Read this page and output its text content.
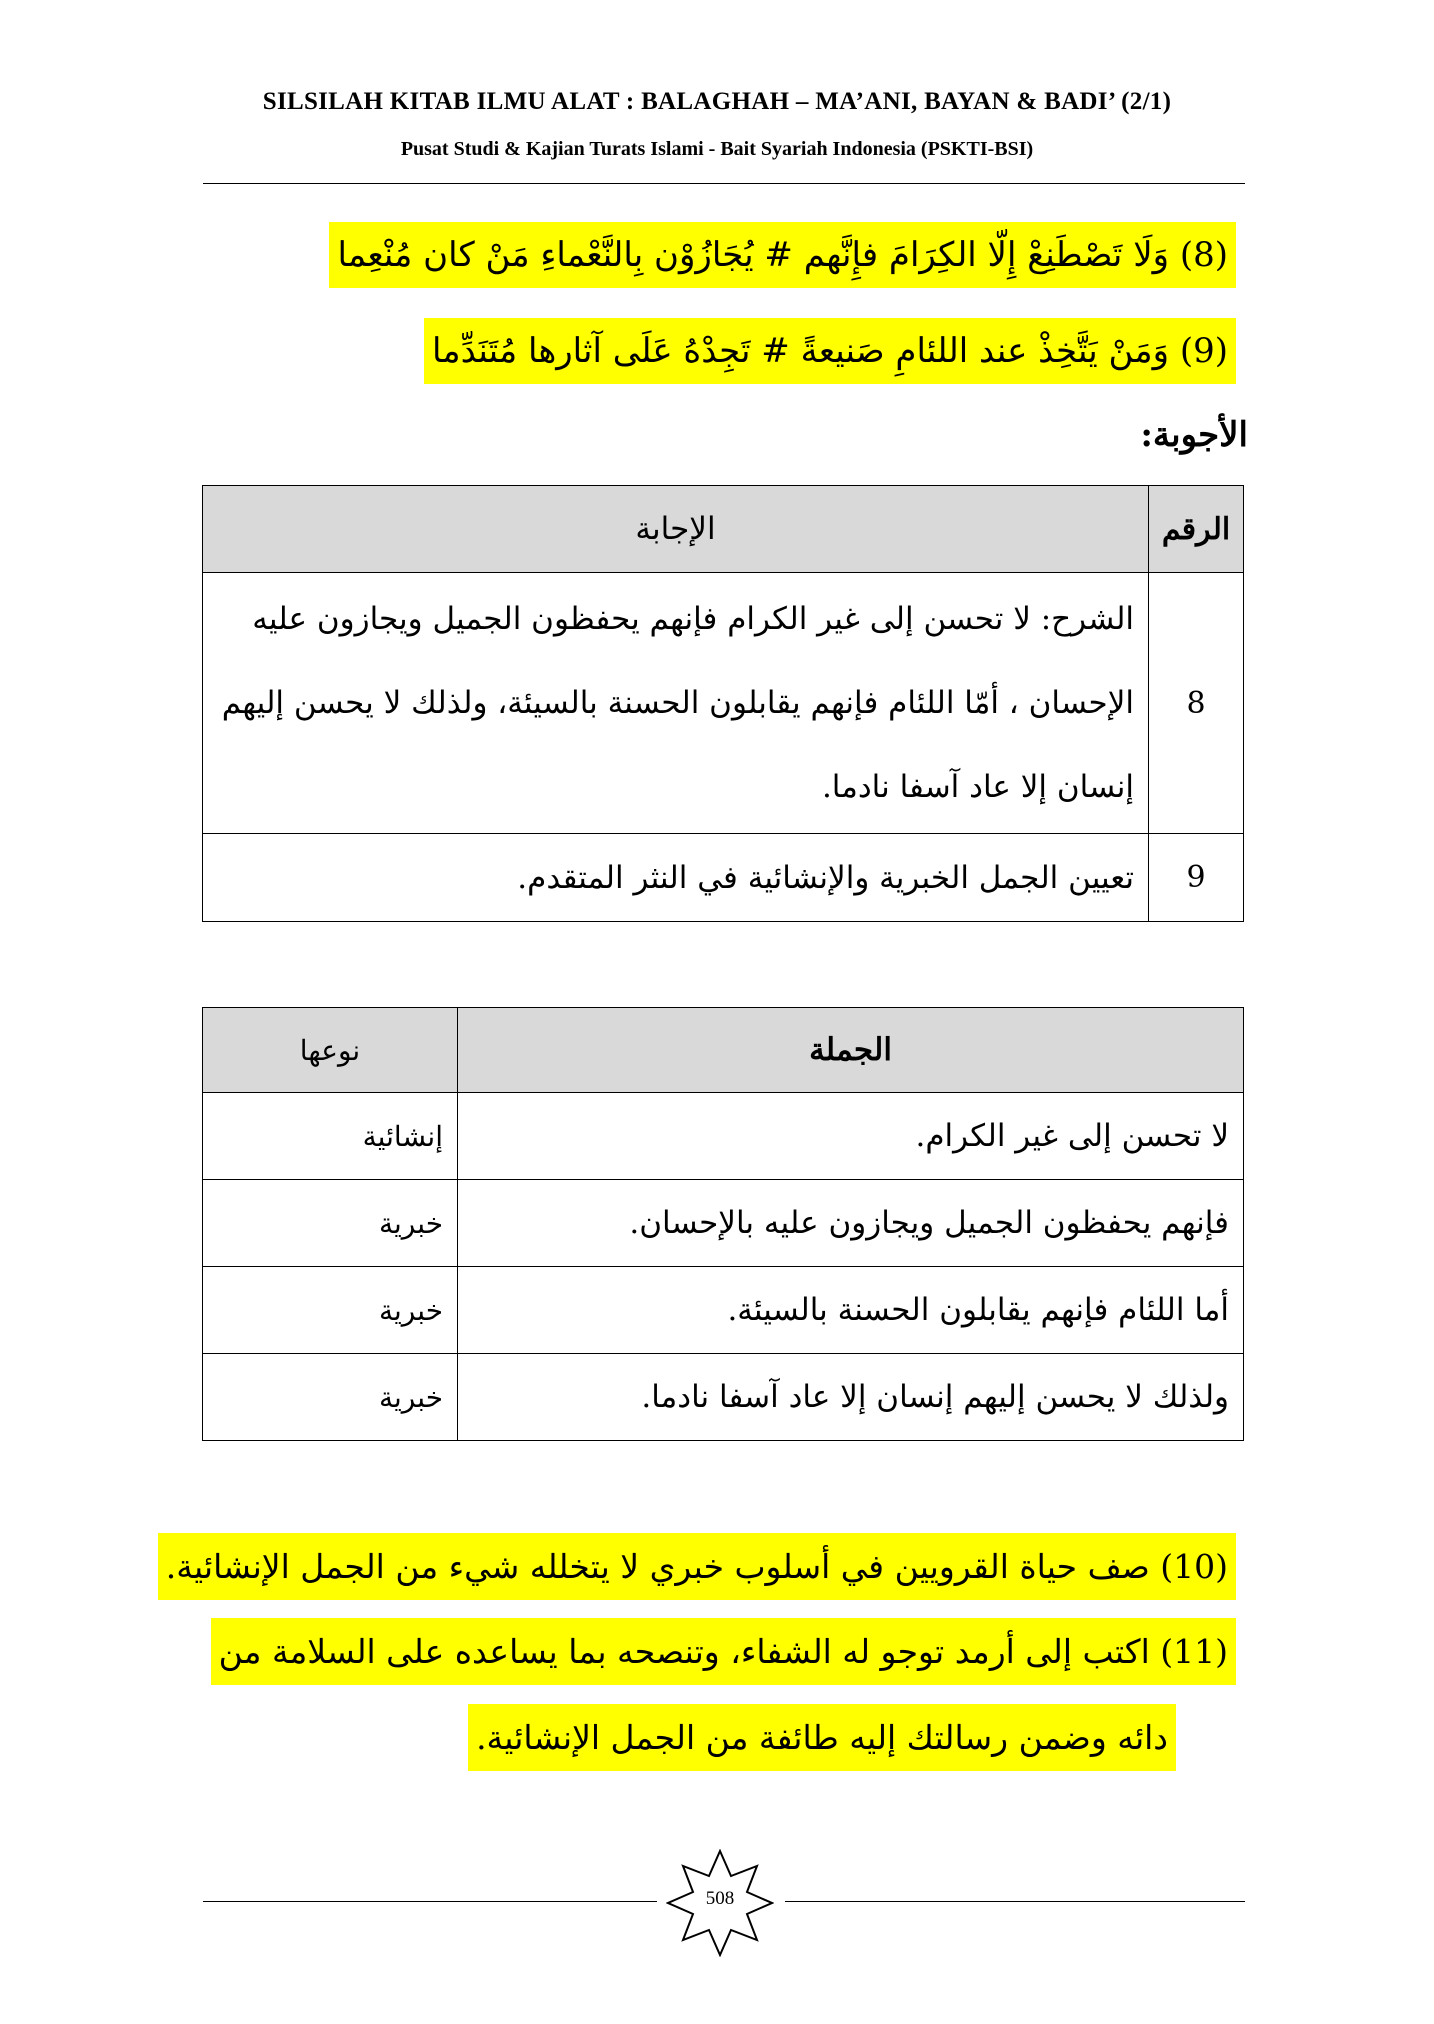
SILSILAH KITAB ILMU ALAT : BALAGHAH – MA’ANI, BAYAN & BADI’ (2/1)
Pusat Studi & Kajian Turats Islami - Bait Syariah Indonesia (PSKTI-BSI)
(8) وَلَا تَصْطَنِعْ إِلّا الكِرَامَ فإِنَّهم # يُجَازُوْن بِالنَّعْماءِ مَنْ كان مُنْعِما
(9) وَمَنْ يَتَّخِذْ عند اللئامِ صَنيعةً # تَجِدْهُ عَلَى آثارها مُتَنَدِّما
الأجوبة:
الرقم	الإجابة
8	الشرح: لا تحسن إلى غير الكرام فإنهم يحفظون الجميل ويجازون عليه الإحسان ، أمّا اللئام فإنهم يقابلون الحسنة بالسيئة، ولذلك لا يحسن إليهم إنسان إلا عاد آسفا نادما.
9	تعيين الجمل الخبرية والإنشائية في النثر المتقدم.
الجملة	نوعها
لا تحسن إلى غير الكرام.	إنشائية
فإنهم يحفظون الجميل ويجازون عليه بالإحسان.	خبرية
أما اللئام فإنهم يقابلون الحسنة بالسيئة.	خبرية
ولذلك لا يحسن إليهم إنسان إلا عاد آسفا نادما.	خبرية
(10) صف حياة القرويين في أسلوب خبري لا يتخلله شيء من الجمل الإنشائية.
(11) اكتب إلى أرمد توجو له الشفاء، وتنصحه بما يساعده على السلامة من
دائه وضمن رسالتك إليه طائفة من الجمل الإنشائية.
508
